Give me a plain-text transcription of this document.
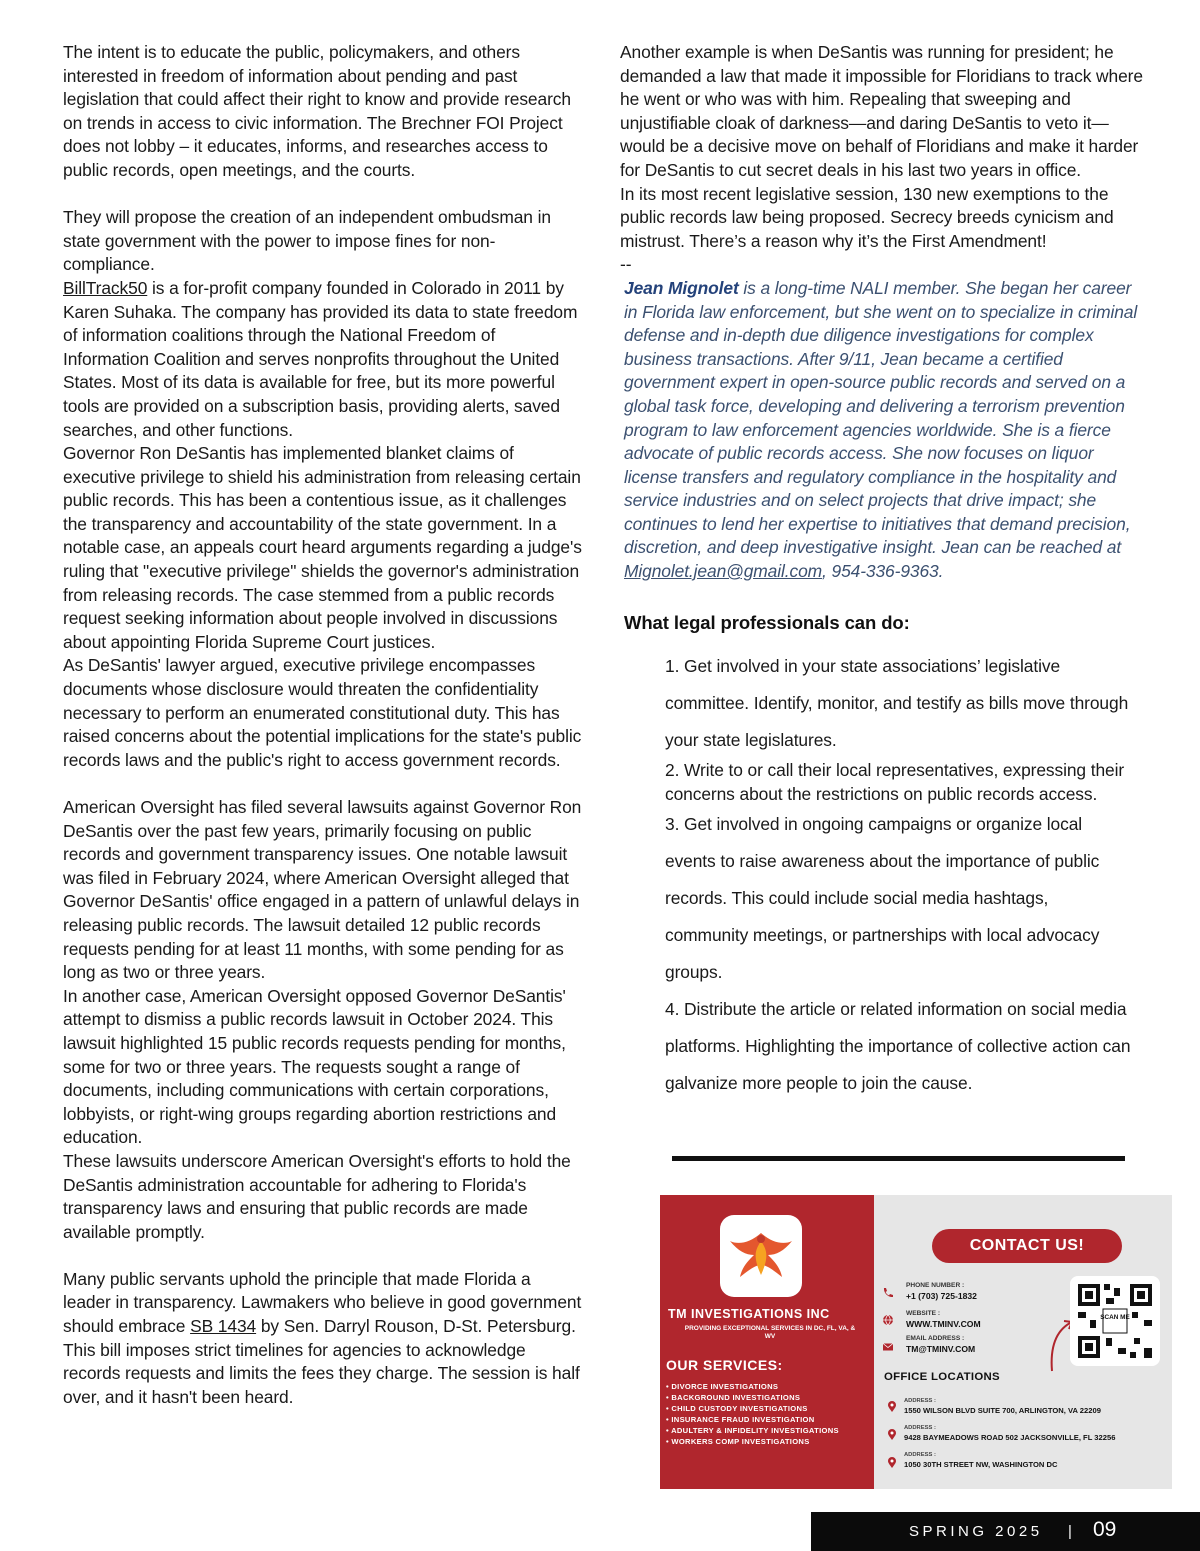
The intent is to educate the public, policymakers, and others interested in freedom of information about pending and past legislation that could affect their right to know and provide research on trends in access to civic information. The Brechner FOI Project does not lobby – it educates, informs, and researches access to public records, open meetings, and the courts.

They will propose the creation of an independent ombudsman in state government with the power to impose fines for non-compliance.

BillTrack50 is a for-profit company founded in Colorado in 2011 by Karen Suhaka. The company has provided its data to state freedom of information coalitions through the National Freedom of Information Coalition and serves nonprofits throughout the United States. Most of its data is available for free, but its more powerful tools are provided on a subscription basis, providing alerts, saved searches, and other functions.

Governor Ron DeSantis has implemented blanket claims of executive privilege to shield his administration from releasing certain public records. This has been a contentious issue, as it challenges the transparency and accountability of the state government. In a notable case, an appeals court heard arguments regarding a judge's ruling that "executive privilege" shields the governor's administration from releasing records. The case stemmed from a public records request seeking information about people involved in discussions about appointing Florida Supreme Court justices.

As DeSantis' lawyer argued, executive privilege encompasses documents whose disclosure would threaten the confidentiality necessary to perform an enumerated constitutional duty. This has raised concerns about the potential implications for the state's public records laws and the public's right to access government records.

American Oversight has filed several lawsuits against Governor Ron DeSantis over the past few years, primarily focusing on public records and government transparency issues. One notable lawsuit was filed in February 2024, where American Oversight alleged that Governor DeSantis' office engaged in a pattern of unlawful delays in releasing public records. The lawsuit detailed 12 public records requests pending for at least 11 months, with some pending for as long as two or three years.

In another case, American Oversight opposed Governor DeSantis' attempt to dismiss a public records lawsuit in October 2024. This lawsuit highlighted 15 public records requests pending for months, some for two or three years. The requests sought a range of documents, including communications with certain corporations, lobbyists, or right-wing groups regarding abortion restrictions and education.

These lawsuits underscore American Oversight's efforts to hold the DeSantis administration accountable for adhering to Florida's transparency laws and ensuring that public records are made available promptly.

Many public servants uphold the principle that made Florida a leader in transparency. Lawmakers who believe in good government should embrace SB 1434 by Sen. Darryl Rouson, D-St. Petersburg. This bill imposes strict timelines for agencies to acknowledge records requests and limits the fees they charge. The session is half over, and it hasn't been heard.

Another example is when DeSantis was running for president; he demanded a law that made it impossible for Floridians to track where he went or who was with him. Repealing that sweeping and unjustifiable cloak of darkness—and daring DeSantis to veto it—would be a decisive move on behalf of Floridians and make it harder for DeSantis to cut secret deals in his last two years in office.

In its most recent legislative session, 130 new exemptions to the public records law being proposed. Secrecy breeds cynicism and mistrust. There’s a reason why it’s the First Amendment!

--

Jean Mignolet is a long-time NALI member. She began her career in Florida law enforcement, but she went on to specialize in criminal defense and in-depth due diligence investigations for complex business transactions. After 9/11, Jean became a certified government expert in open-source public records and served on a global task force, developing and delivering a terrorism prevention program to law enforcement agencies worldwide. She is a fierce advocate of public records access. She now focuses on liquor license transfers and regulatory compliance in the hospitality and service industries and on select projects that drive impact; she continues to lend her expertise to initiatives that demand precision, discretion, and deep investigative insight. Jean can be reached at Mignolet.jean@gmail.com, 954-336-9363.

What legal professionals can do:

1. Get involved in your state associations’ legislative committee. Identify, monitor, and testify as bills move through your state legislatures.

2. Write to or call their local representatives, expressing their concerns about the restrictions on public records access.

3. Get involved in ongoing campaigns or organize local events to raise awareness about the importance of public records. This could include social media hashtags, community meetings, or partnerships with local advocacy groups.

4. Distribute the article or related information on social media platforms. Highlighting the importance of collective action can galvanize more people to join the cause.

TM INVESTIGATIONS INC
PROVIDING EXCEPTIONAL SERVICES IN DC, FL, VA, & WV
OUR SERVICES:
• DIVORCE INVESTIGATIONS
• BACKGROUND INVESTIGATIONS
• CHILD CUSTODY INVESTIGATIONS
• INSURANCE FRAUD INVESTIGATION
• ADULTERY & INFIDELITY INVESTIGATIONS
• WORKERS COMP INVESTIGATIONS
CONTACT US!
PHONE NUMBER :
+1 (703) 725-1832
WEBSITE :
WWW.TMINV.COM
EMAIL ADDRESS :
TM@TMINV.COM
SCAN ME
OFFICE LOCATIONS
ADDRESS :
1550 WILSON BLVD SUITE 700, ARLINGTON, VA 22209
ADDRESS :
9428 BAYMEADOWS ROAD 502 JACKSONVILLE, FL 32256
ADDRESS :
1050 30TH STREET NW, WASHINGTON DC
SPRING 2025 | 09
